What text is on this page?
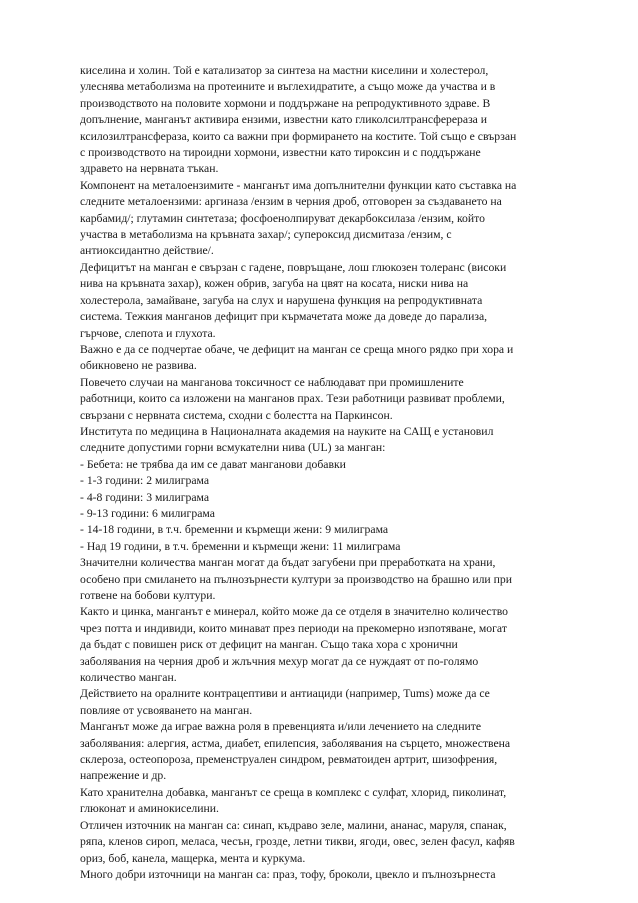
киселина и холин. Той е катализатор за синтеза на мастни киселини и холестерол,
улеснява метаболизма на протеините и въглехидратите, а също може да участва и в
производството на половите хормони и поддържане на репродуктивното здраве. В
допълнение, манганът активира ензими, известни като гликолсилтрансферераза и
ксилозилтрансфераза, които са важни при формирането на костите. Той също е свързан
с производството на тироидни хормони, известни като тироксин и с поддържане
здравето на нервната тъкан.
Компонент на металоензимите - манганът има допълнителни функции като съставка на
следните металоензими: аргиназа /ензим в черния дроб, отговорен за създаването на
карбамид/; глутамин синтетаза; фосфоенолпируват декарбоксилаза /ензим, който
участва в метаболизма на кръвната захар/; супероксид дисмитаза /ензим, с
антиоксидантно действие/.
Дефицитът на манган е свързан с гадене, повръщане, лош глюкозен толеранс (високи
нива на кръвната захар), кожен обрив, загуба на цвят на косата, ниски нива на
холестерола, замайване, загуба на слух и нарушена функция на репродуктивната
система. Тежкия манганов дефицит при кърмачетата може да доведе до парализа,
гърчове, слепота и глухота.
Важно е да се подчертае обаче, че дефицит на манган се среща много рядко при хора и
обикновено не развива.
Повечето случаи на манганова токсичност се наблюдават при промишлените
работници, които са изложени на манганов прах. Тези работници развиват проблеми,
свързани с нервната система, сходни с болестта на Паркинсон.
Института по медицина в Националната академия на науките на САЩ е установил
следните допустими горни всмукателни нива (UL) за манган:
- Бебета: не трябва да им се дават манганови добавки
- 1-3 години: 2 милиграма
- 4-8 години: 3 милиграма
- 9-13 години: 6 милиграма
- 14-18 години, в т.ч. бременни и кърмещи жени: 9 милиграма
- Над 19 години, в т.ч. бременни и кърмещи жени: 11 милиграма
Значителни количества манган могат да бъдат загубени при преработката на храни,
особено при смилането на пълнозърнести култури за производство на брашно или при
готвене на бобови култури.
Както и цинка, манганът е минерал, който може да се отделя в значително количество
чрез потта и индивиди, които минават през периоди на прекомерно изпотяване, могат
да бъдат с повишен риск от дефицит на манган. Също така хора с хронични
заболявания на черния дроб и жлъчния мехур могат да се нуждаят от по-голямо
количество манган.
Действието на оралните контрацептиви и антиациди (например, Tums) може да се
повлияе от усвояването на манган.
Манганът може да играе важна роля в превенцията и/или лечението на следните
заболявания: алергия, астма, диабет, епилепсия, заболявания на сърцето, множествена
склероза, остеопороза, пременструален синдром, ревматоиден артрит, шизофрения,
напрежение и др.
Като хранителна добавка, манганът се среща в комплекс с сулфат, хлорид, пиколинат,
глюконат и аминокиселини.
Отличен източник на манган са: синап, къдраво зеле, малини, ананас, маруля, спанак,
ряпа, кленов сироп, меласа, чесън, грозде, летни тикви, ягоди, овес, зелен фасул, кафяв
ориз, боб, канела, мащерка, мента и куркума.
Много добри източници на манган са: праз, тофу, броколи, цвекло и пълнозърнеста
